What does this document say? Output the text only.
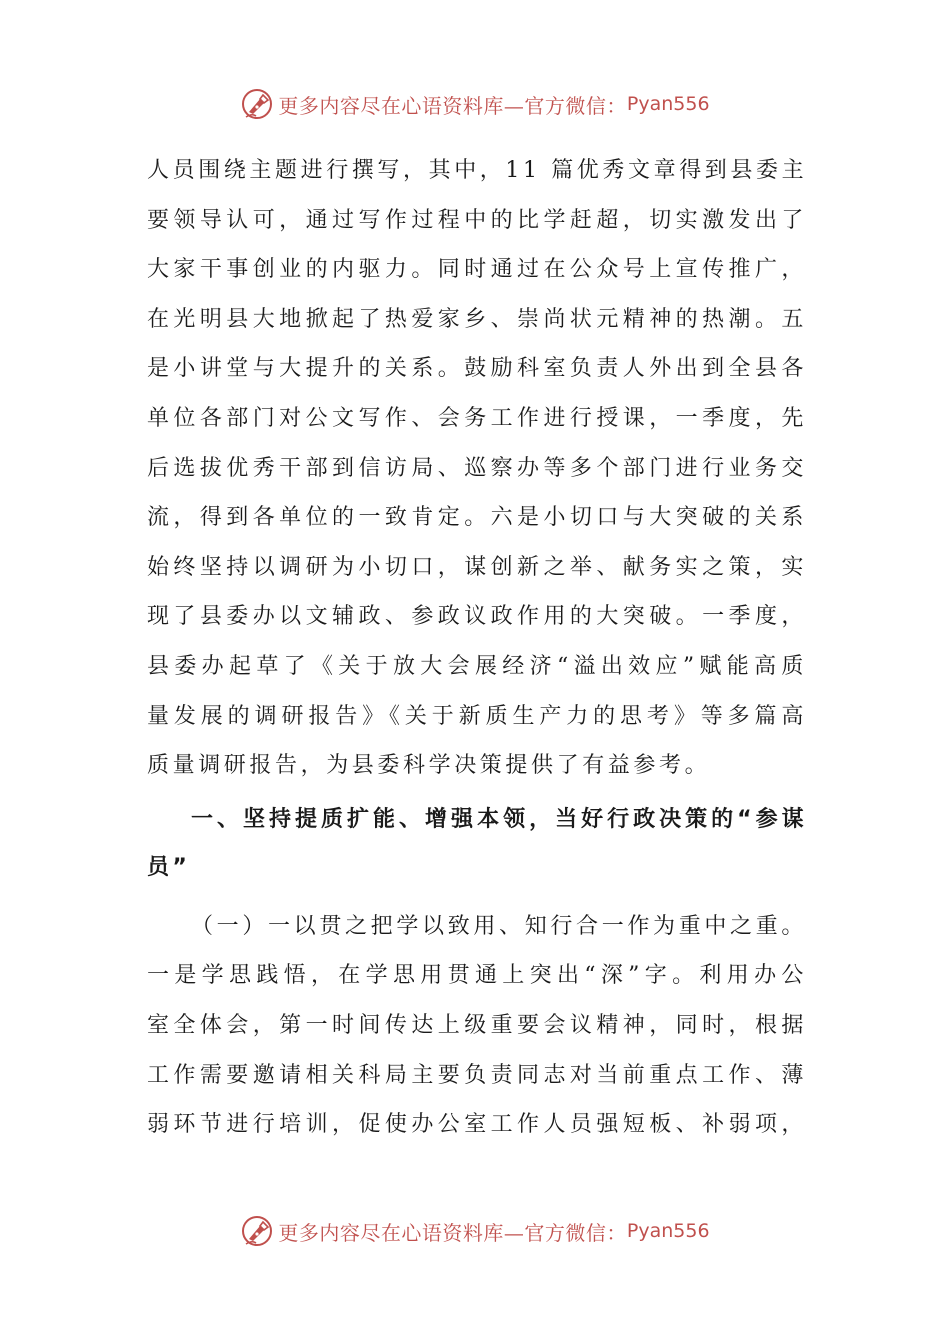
更多内容尽在心语资料库—官方微信： Pyan556
人员围绕主题进行撰写，其中，11 篇优秀文章得到县委主
要领导认可，通过写作过程中的比学赶超，切实激发出了
大家干事创业的内驱力。同时通过在公众号上宣传推广，
在光明县大地掀起了热爱家乡、崇尚状元精神的热潮。五
是小讲堂与大提升的关系。鼓励科室负责人外出到全县各
单位各部门对公文写作、会务工作进行授课，一季度，先
后选拔优秀干部到信访局、巡察办等多个部门进行业务交
流，得到各单位的一致肯定。六是小切口与大突破的关系
始终坚持以调研为小切口，谋创新之举、献务实之策，实
现了县委办以文辅政、参政议政作用的大突破。一季度，
县委办起草了《关于放大会展经济“溢出效应”赋能高质
量发展的调研报告》《关于新质生产力的思考》等多篇高
质量调研报告，为县委科学决策提供了有益参考。
一、坚持提质扩能、增强本领，当好行政决策的“参谋
员”
（一）一以贯之把学以致用、知行合一作为重中之重。
一是学思践悟，在学思用贯通上突出“深”字。利用办公
室全体会，第一时间传达上级重要会议精神，同时，根据
工作需要邀请相关科局主要负责同志对当前重点工作、薄
弱环节进行培训，促使办公室工作人员强短板、补弱项，
更多内容尽在心语资料库—官方微信： Pyan556
